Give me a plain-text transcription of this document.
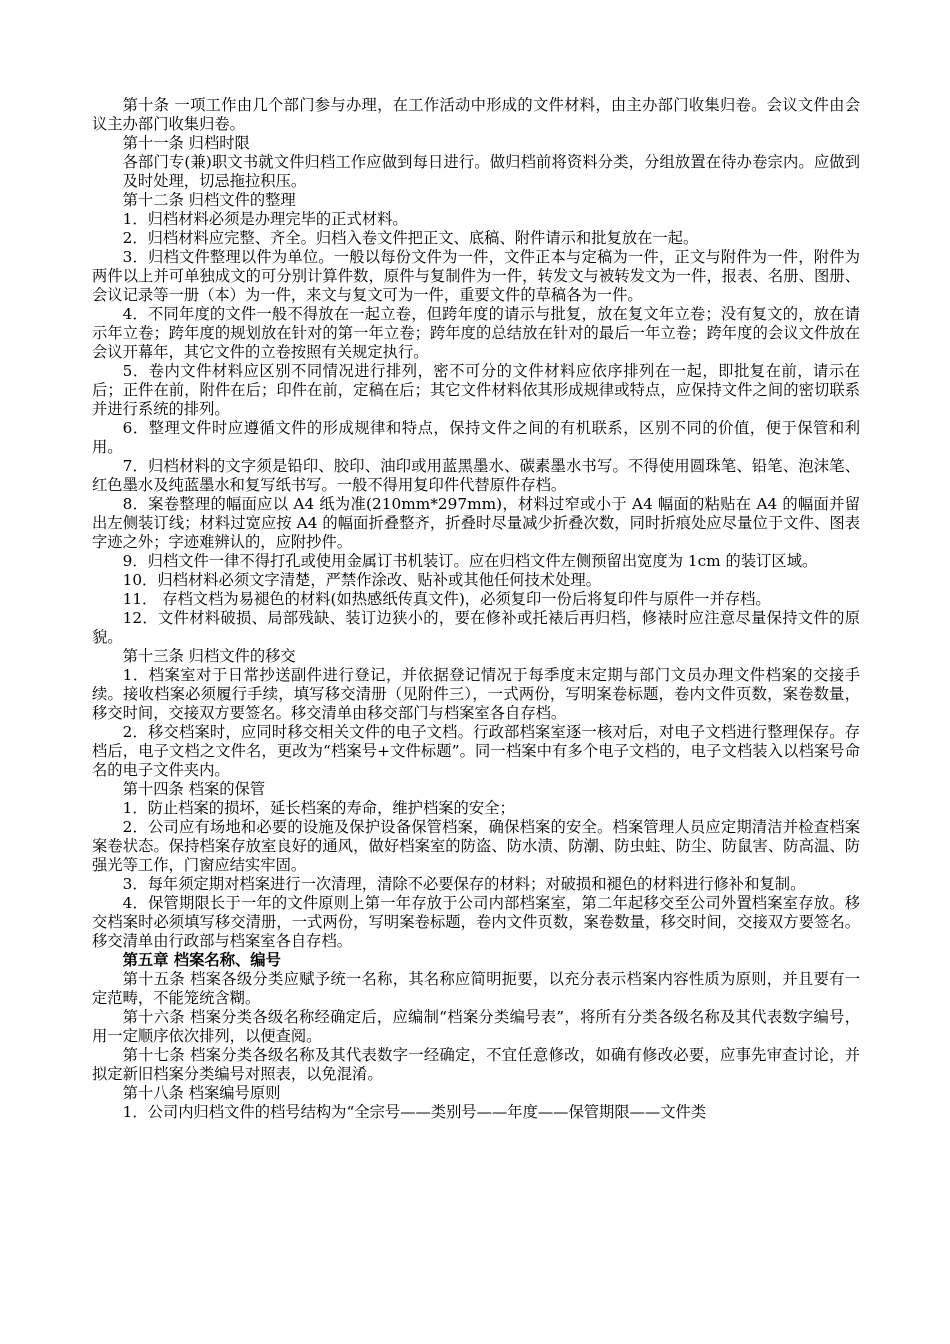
第十条 一项工作由几个部门参与办理，在工作活动中形成的文件材料，由主办部门收集归卷。会议文件由会议主办部门收集归卷。

第十一条 归档时限

各部门专(兼)职文书就文件归档工作应做到每日进行。做归档前将资料分类，分组放置在待办卷宗内。应做到及时处理，切忌拖拉积压。

第十二条 归档文件的整理

1．归档材料必须是办理完毕的正式材料。

2．归档材料应完整、齐全。归档入卷文件把正文、底稿、附件请示和批复放在一起。

3．归档文件整理以件为单位。一般以每份文件为一件，文件正本与定稿为一件，正文与附件为一件，附件为两件以上并可单独成文的可分别计算件数，原件与复制件为一件，转发文与被转发文为一件，报表、名册、图册、会议记录等一册（本）为一件，来文与复文可为一件，重要文件的草稿各为一件。

4．不同年度的文件一般不得放在一起立卷，但跨年度的请示与批复，放在复文年立卷；没有复文的，放在请示年立卷；跨年度的规划放在针对的第一年立卷；跨年度的总结放在针对的最后一年立卷；跨年度的会议文件放在会议开幕年，其它文件的立卷按照有关规定执行。

5．卷内文件材料应区别不同情况进行排列，密不可分的文件材料应依序排列在一起，即批复在前，请示在后；正件在前，附件在后；印件在前，定稿在后；其它文件材料依其形成规律或特点，应保持文件之间的密切联系并进行系统的排列。

6．整理文件时应遵循文件的形成规律和特点，保持文件之间的有机联系，区别不同的价值，便于保管和利用。

7．归档材料的文字须是铅印、胶印、油印或用蓝黑墨水、碳素墨水书写。不得使用圆珠笔、铅笔、泡沫笔、红色墨水及纯蓝墨水和复写纸书写。一般不得用复印件代替原件存档。

8．案卷整理的幅面应以 A4 纸为准(210mm*297mm)，材料过窄或小于 A4 幅面的粘贴在 A4 的幅面并留出左侧装订线；材料过宽应按 A4 的幅面折叠整齐，折叠时尽量减少折叠次数，同时折痕处应尽量位于文件、图表字迹之外；字迹难辨认的，应附抄件。

9．归档文件一律不得打孔或使用金属订书机装订。应在归档文件左侧预留出宽度为 1cm 的装订区域。

10．归档材料必须文字清楚，严禁作涂改、贴补或其他任何技术处理。

11． 存档文档为易褪色的材料(如热感纸传真文件)，必须复印一份后将复印件与原件一并存档。

12．文件材料破损、局部残缺、装订边狭小的，要在修补或托裱后再归档，修裱时应注意尽量保持文件的原貌。

第十三条 归档文件的移交

1．档案室对于日常抄送副件进行登记，并依据登记情况于每季度末定期与部门文员办理文件档案的交接手续。接收档案必须履行手续，填写移交清册（见附件三），一式两份，写明案卷标题，卷内文件页数，案卷数量，移交时间，交接双方要签名。移交清单由移交部门与档案室各自存档。

2．移交档案时，应同时移交相关文件的电子文档。行政部档案室逐一核对后，对电子文档进行整理保存。存档后，电子文档之文件名，更改为“档案号+文件标题”。同一档案中有多个电子文档的，电子文档装入以档案号命名的电子文件夹内。

第十四条 档案的保管

1．防止档案的损坏，延长档案的寿命，维护档案的安全；

2．公司应有场地和必要的设施及保护设备保管档案，确保档案的安全。档案管理人员应定期清洁并检查档案案卷状态。保持档案存放室良好的通风，做好档案室的防盗、防水渍、防潮、防虫蛀、防尘、防鼠害、防高温、防强光等工作，门窗应结实牢固。

3．每年须定期对档案进行一次清理，清除不必要保存的材料；对破损和褪色的材料进行修补和复制。

4．保管期限长于一年的文件原则上第一年存放于公司内部档案室，第二年起移交至公司外置档案室存放。移交档案时必须填写移交清册，一式两份，写明案卷标题，卷内文件页数，案卷数量，移交时间，交接双方要签名。移交清单由行政部与档案室各自存档。

第五章 档案名称、编号

第十五条 档案各级分类应赋予统一名称，其名称应简明扼要，以充分表示档案内容性质为原则，并且要有一定范畴，不能笼统含糊。

第十六条 档案分类各级名称经确定后，应编制“档案分类编号表”，将所有分类各级名称及其代表数字编号，用一定顺序依次排列，以便查阅。

第十七条 档案分类各级名称及其代表数字一经确定，不宜任意修改，如确有修改必要，应事先审查讨论，并拟定新旧档案分类编号对照表，以免混淆。

第十八条 档案编号原则

1．公司内归档文件的档号结构为“全宗号——类别号——年度——保管期限——文件类
